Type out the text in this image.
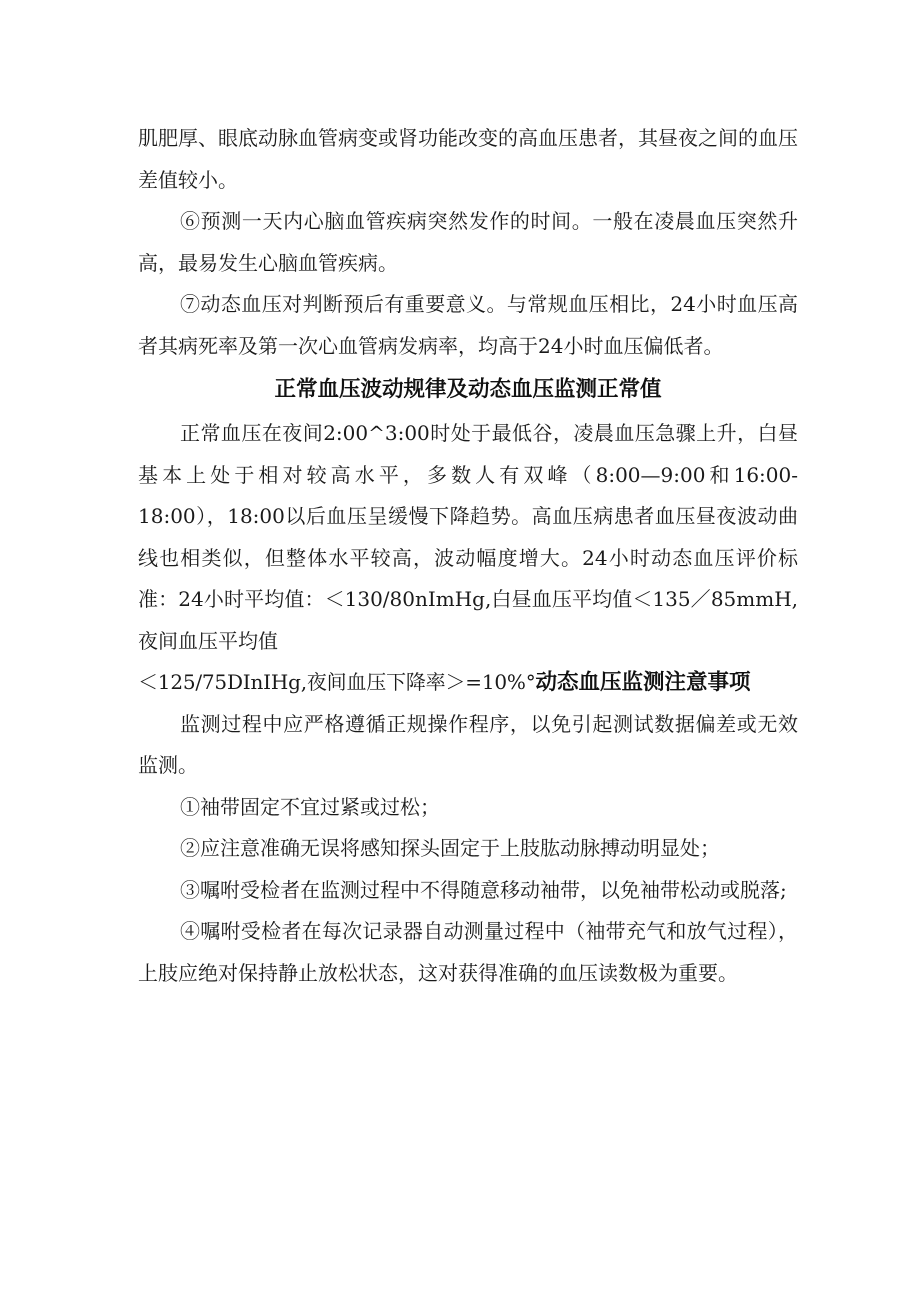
肌肥厚、眼底动脉血管病变或肾功能改变的高血压患者，其昼夜之间的血压差值较小。

⑥预测一天内心脑血管疾病突然发作的时间。一般在凌晨血压突然升高，最易发生心脑血管疾病。

⑦动态血压对判断预后有重要意义。与常规血压相比，24小时血压高者其病死率及第一次心血管病发病率，均高于24小时血压偏低者。

正常血压波动规律及动态血压监测正常值

正常血压在夜间2:00^3:00时处于最低谷，凌晨血压急骤上升，白昼基本上处于相对较高水平，多数人有双峰（8:00—9:00和16:00-18:00），18:00以后血压呈缓慢下降趋势。高血压病患者血压昼夜波动曲线也相类似，但整体水平较高，波动幅度增大。24小时动态血压评价标准：24小时平均值：＜130/80nImHg,白昼血压平均值＜135／85mmH,夜间血压平均值
＜125/75DInIHg,夜间血压下降率＞=10%°动态血压监测注意事项

监测过程中应严格遵循正规操作程序，以免引起测试数据偏差或无效监测。

①袖带固定不宜过紧或过松；

②应注意准确无误将感知探头固定于上肢肱动脉搏动明显处；

③嘱咐受检者在监测过程中不得随意移动袖带，以免袖带松动或脱落;

④嘱咐受检者在每次记录器自动测量过程中（袖带充气和放气过程），上肢应绝对保持静止放松状态，这对获得准确的血压读数极为重要。
